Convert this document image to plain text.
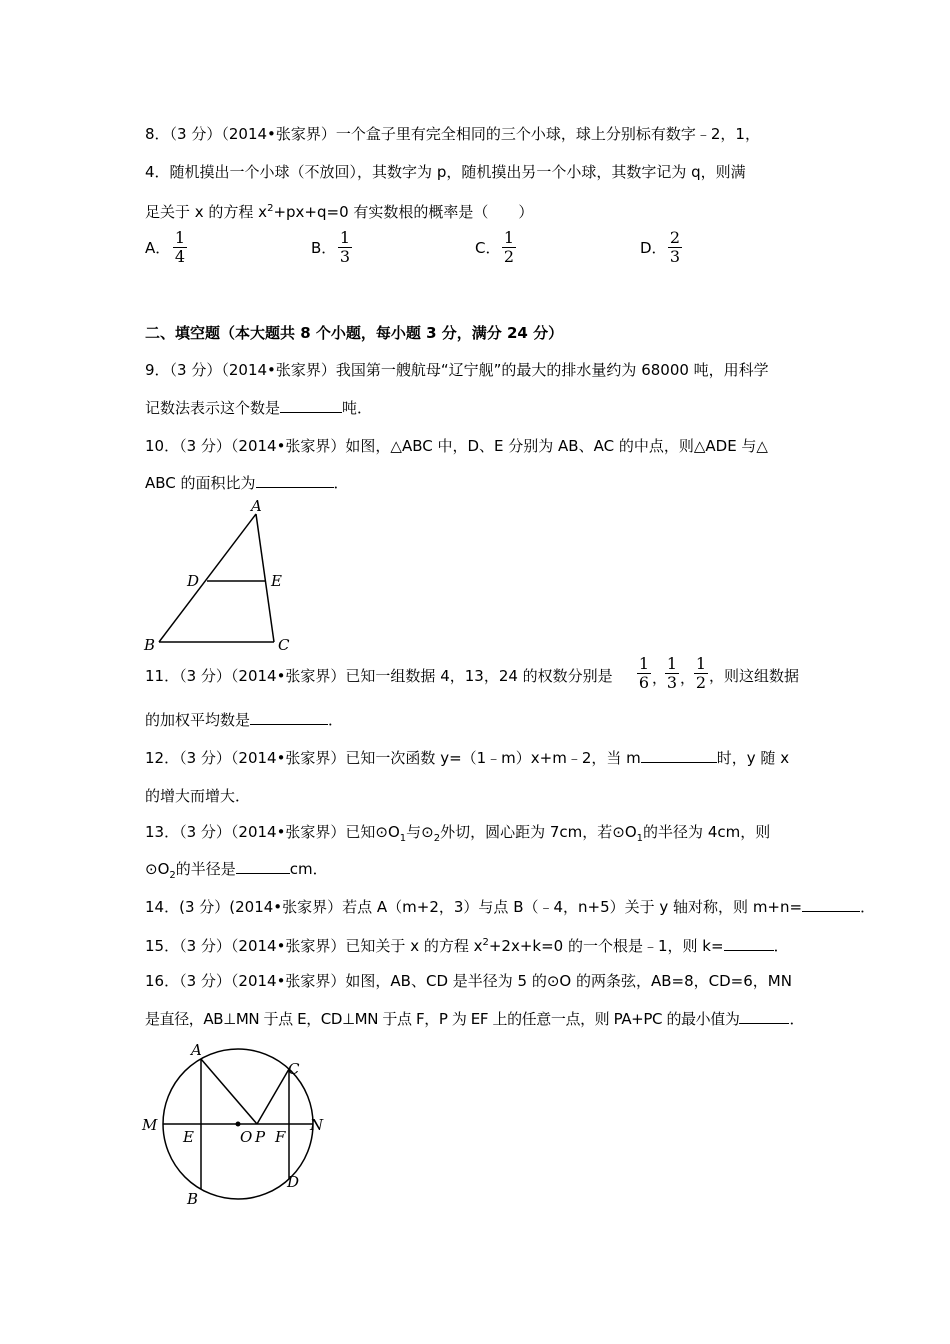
8．（3 分）（2014•张家界）一个盒子里有完全相同的三个小球，球上分别标有数字﹣2，1，
4．随机摸出一个小球（不放回），其数字为 p，随机摸出另一个小球，其数字记为 q，则满
足关于 x 的方程 $x^2+px+q=0$ 有实数根的概率是（　　）
A．
1
4	B．
1
3	C．
1
2	D．
2
3
二、填空题（本大题共 8 个小题，每小题 3 分，满分 24 分）
9．（3 分）（2014•张家界）我国第一艘航母“辽宁舰”的最大的排水量约为 68000 吨，用科学
记数法表示这个数是	吨．
10．（3 分）（2014•张家界）如图，△ABC 中，D、E 分别为 AB、AC 的中点，则△ADE 与△
ABC 的面积比为	．
A
D	E
B	C
11．（3 分）（2014•张家界）已知一组数据 4，13，24 的权数分别是
1
6 ，
1
3 ，
1
2 ，则这组数据
的加权平均数是	．
12．（3 分）（2014•张家界）已知一次函数 y=（1﹣m）x+m﹣2，当 m	时，y 随 x
的增大而增大．
13．（3 分）（2014•张家界）已知$⊙O_1$与$⊙_2$外切，圆心距为 7cm，若$⊙O_1$的半径为 4cm，则
$⊙O_2$的半径是	cm．
14．(3 分）(2014•张家界）若点 A（m+2，3）与点 B（﹣4，n+5）关于 y 轴对称，则 m+n=	．
15．（3 分）（2014•张家界）已知关于 x 的方程 $x^2+2x+k=0$ 的一个根是﹣1，则 k=	．
16．（3 分）（2014•张家界）如图，AB、CD 是半径为 5 的⊙O 的两条弦，AB=8，CD=6，MN
是直径，AB⊥MN 于点 E，CD⊥MN 于点 F，P 为 EF 上的任意一点，则 PA+PC 的最小值为	．
A
C
M	N
E	O P F
D
B
